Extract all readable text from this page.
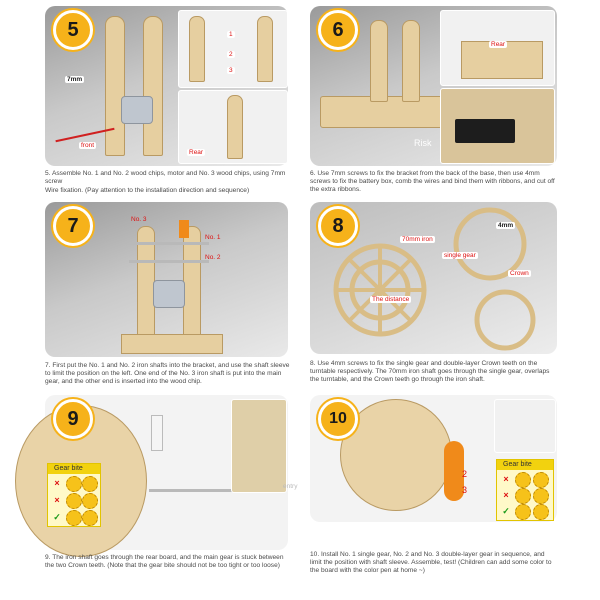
1
2
3
Rear
7mm
front
5

5. Assemble No. 1 and No. 2 wood chips, motor and No. 3 wood chips, using 7mm screw

Wire fixation. (Pay attention to the installation direction and sequence)

Rear
Risk
6

6. Use 7mm screws to fix the bracket from the back of the base, then use 4mm screws to fix the battery box, comb the wires and bind them with ribbons, and cut off the extra ribbons.

No. 3
No. 1
No. 2
7

7. First put the No. 1 and No. 2 iron shafts into the bracket, and use the shaft sleeve to limit the position on the left. One end of the No. 3 iron shaft is put into the main gear, and the other end is inserted into the wood chip.

70mm iron
The distance
4mm
single gear
Crown
8

8. Use 4mm screws to fix the single gear and double-layer Crown teeth on the turntable respectively. The 70mm iron shaft goes through the single gear, overlaps the turntable, and the Crown teeth go through the iron shaft.

Gear bite
×
×
✓
entry
9

9. The iron shaft goes through the rear board, and the main gear is stuck between the two Crown teeth. (Note that the gear bite should not be too tight or too loose)

Gear bite
×
×
✓
2
3
10

10. Install No. 1 single gear, No. 2 and No. 3 double-layer gear in sequence, and limit the position with shaft sleeve. Assemble, test! (Children can add some color to the board with the color pen at home ~)
